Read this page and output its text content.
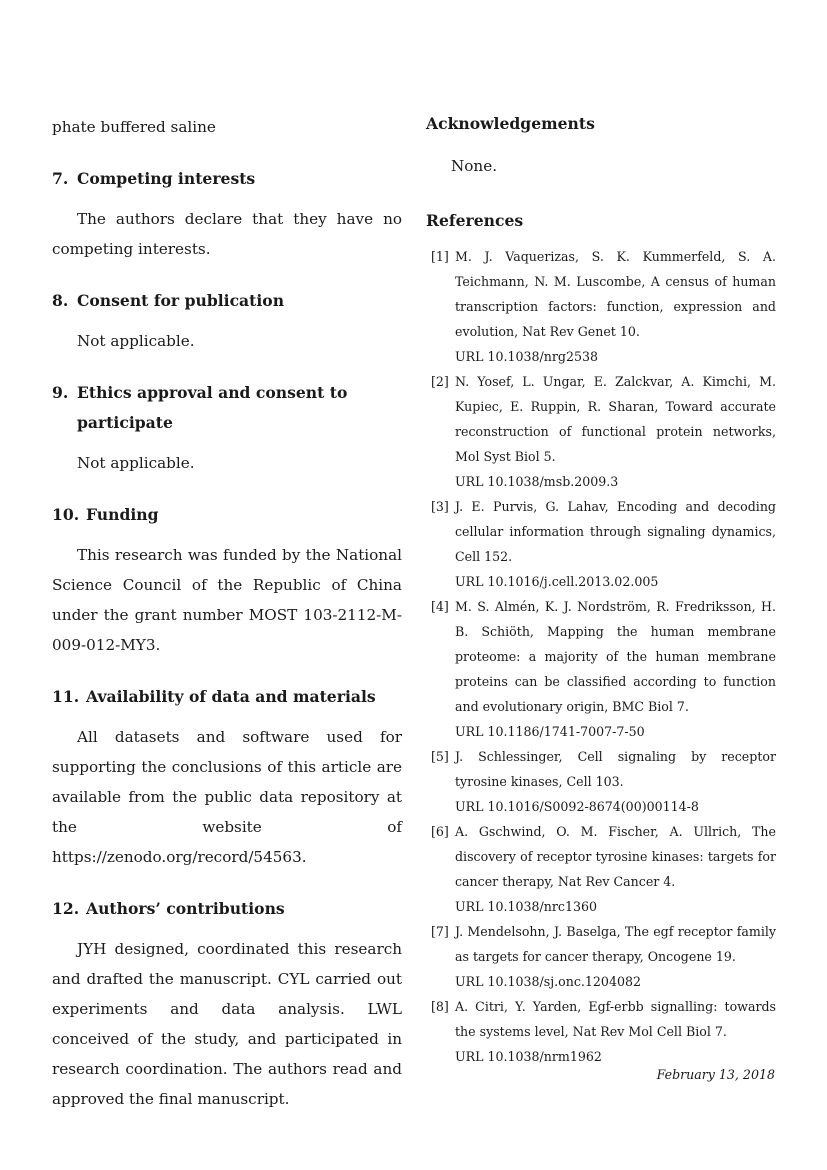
phate buffered saline

7. Competing interests

The authors declare that they have no competing interests.

8. Consent for publication

Not applicable.

9. Ethics approval and consent to participate

Not applicable.

10. Funding

This research was funded by the National Science Council of the Republic of China under the grant number MOST 103-2112-M-009-012-MY3.

11. Availability of data and materials

All datasets and software used for supporting the conclusions of this article are available from the public data repository at the website of https://zenodo.org/record/54563.

12. Authors’ contributions

JYH designed, coordinated this research and drafted the manuscript. CYL carried out experiments and data analysis. LWL conceived of the study, and participated in research coordination. The authors read and approved the final manuscript.

Acknowledgements

None.

References
[1] M. J. Vaquerizas, S. K. Kummerfeld, S. A. Teichmann, N. M. Luscombe, A census of human transcription factors: function, expression and evolution, Nat Rev Genet 10.
URL 10.1038/nrg2538
[2] N. Yosef, L. Ungar, E. Zalckvar, A. Kimchi, M. Kupiec, E. Ruppin, R. Sharan, Toward accurate reconstruction of functional protein networks, Mol Syst Biol 5.
URL 10.1038/msb.2009.3
[3] J. E. Purvis, G. Lahav, Encoding and decoding cellular information through signaling dynamics, Cell 152.
URL 10.1016/j.cell.2013.02.005
[4] M. S. Almén, K. J. Nordström, R. Fredriksson, H. B. Schiöth, Mapping the human membrane proteome: a majority of the human membrane proteins can be classified according to function and evolutionary origin, BMC Biol 7.
URL 10.1186/1741-7007-7-50
[5] J. Schlessinger, Cell signaling by receptor tyrosine kinases, Cell 103.
URL 10.1016/S0092-8674(00)00114-8
[6] A. Gschwind, O. M. Fischer, A. Ullrich, The discovery of receptor tyrosine kinases: targets for cancer therapy, Nat Rev Cancer 4.
URL 10.1038/nrc1360
[7] J. Mendelsohn, J. Baselga, The egf receptor family as targets for cancer therapy, Oncogene 19.
URL 10.1038/sj.onc.1204082
[8] A. Citri, Y. Yarden, Egf-erbb signalling: towards the systems level, Nat Rev Mol Cell Biol 7.
URL 10.1038/nrm1962
February 13, 2018
